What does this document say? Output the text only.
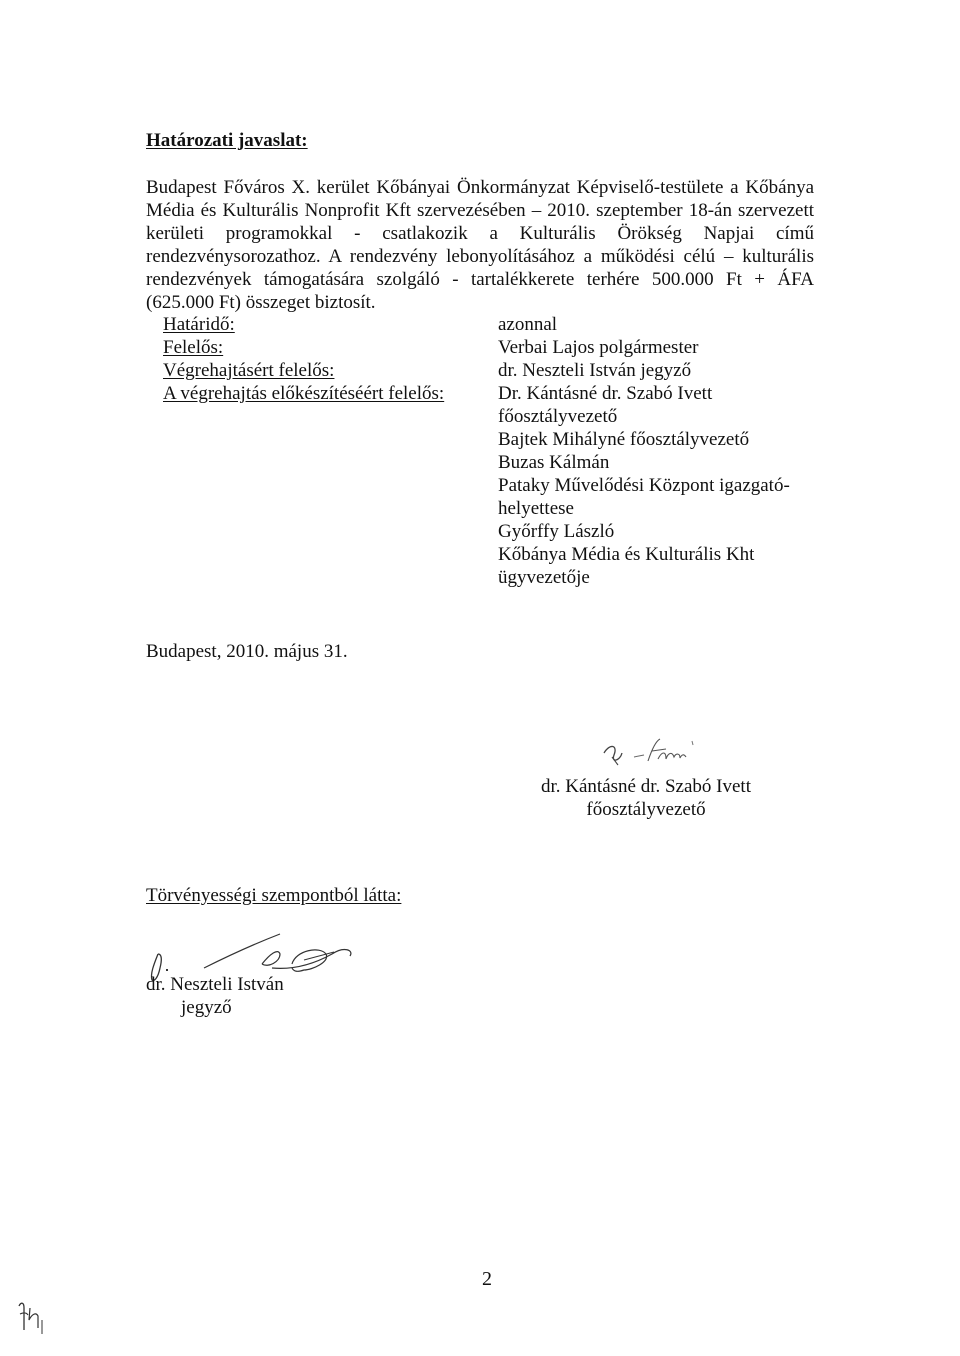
Határozati javaslat:
Budapest Főváros X. kerület Kőbányai Önkormányzat Képviselő-testülete a Kőbánya
Média és Kulturális Nonprofit Kft szervezésében – 2010. szeptember 18-án szervezett
kerületi programokkal - csatlakozik a Kulturális Örökség Napjai című
rendezvénysorozathoz. A rendezvény lebonyolításához a működési célú – kulturális
rendezvények támogatására szolgáló - tartalékkerete terhére 500.000 Ft + ÁFA
(625.000 Ft) összeget biztosít.
Határidő:
Felelős:
Végrehajtásért felelős:
A végrehajtás előkészítéséért felelős:
azonnal
Verbai Lajos polgármester
dr. Neszteli István jegyző
Dr. Kántásné dr. Szabó Ivett
főosztályvezető
Bajtek Mihályné főosztályvezető
Buzas Kálmán
Pataky Művelődési Központ igazgató-
helyettese
Győrffy László
Kőbánya Média és Kulturális Kht
ügyvezetője
Budapest, 2010. május 31.
dr. Kántásné dr. Szabó Ivett
főosztályvezető
Törvényességi szempontból látta:
dr. Neszteli István
jegyző
2
